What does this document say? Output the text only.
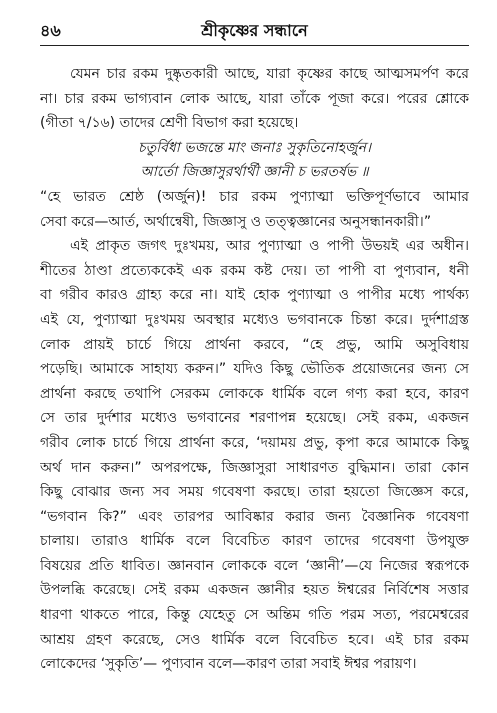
৪৬	শ্রীকৃষ্ণের সন্ধানে
যেমন চার রকম দুষ্কৃতকারী আছে, যারা কৃষ্ণের কাছে আত্মসমর্পণ করে
না। চার রকম ভাগ্যবান লোক আছে, যারা তাঁকে পূজা করে। পরের শ্লোকে
(গীতা ৭/১৬) তাদের শ্রেণী বিভাগ করা হয়েছে।
চতুর্বিধা ভজন্তে মাং জনাঃ সুকৃতিনোহর্জুন।
আর্তো জিজ্ঞাসুরর্থার্থী জ্ঞানী চ ভরতর্ষভ ॥
“হে ভারত শ্রেষ্ঠ (অর্জুন)! চার রকম পুণ্যাত্মা ভক্তিপূর্ণভাবে আমার
সেবা করে—আর্ত, অর্থান্বেষী, জিজ্ঞাসু ও তত্ত্বজ্ঞানের অনুসন্ধানকারী।”
এই প্রাকৃত জগৎ দুঃখময়, আর পুণ্যাত্মা ও পাপী উভয়ই এর অধীন।
শীতের ঠাণ্ডা প্রত্যেককেই এক রকম কষ্ট দেয়। তা পাপী বা পুণ্যবান, ধনী
বা গরীব কারও গ্রাহ্য করে না। যাই হোক পুণ্যাত্মা ও পাপীর মধ্যে পার্থক্য
এই যে, পুণ্যাত্মা দুঃখময় অবস্থার মধ্যেও ভগবানকে চিন্তা করে। দুর্দশাগ্রস্ত
লোক প্রায়ই চার্চে গিয়ে প্রার্থনা করবে, “হে প্রভু, আমি অসুবিধায়
পড়েছি। আমাকে সাহায্য করুন।” যদিও কিছু ভৌতিক প্রয়োজনের জন্য সে
প্রার্থনা করছে তথাপি সেরকম লোককে ধার্মিক বলে গণ্য করা হবে, কারণ
সে তার দুর্দশার মধ্যেও ভগবানের শরণাপন্ন হয়েছে। সেই রকম, একজন
গরীব লোক চার্চে গিয়ে প্রার্থনা করে, ‘দয়াময় প্রভু, কৃপা করে আমাকে কিছু
অর্থ দান করুন।” অপরপক্ষে, জিজ্ঞাসুরা সাধারণত বুদ্ধিমান। তারা কোন
কিছু বোঝার জন্য সব সময় গবেষণা করছে। তারা হয়তো জিজ্ঞেস করে,
“ভগবান কি?” এবং তারপর আবিষ্কার করার জন্য বৈজ্ঞানিক গবেষণা
চালায়। তারাও ধার্মিক বলে বিবেচিত কারণ তাদের গবেষণা উপযুক্ত
বিষয়ের প্রতি ধাবিত। জ্ঞানবান লোককে বলে ‘জ্ঞানী’—যে নিজের স্বরূপকে
উপলব্ধি করেছে। সেই রকম একজন জ্ঞানীর হয়ত ঈশ্বরের নির্বিশেষ সত্তার
ধারণা থাকতে পারে, কিন্তু যেহেতু সে অন্তিম গতি পরম সত্য, পরমেশ্বরের
আশ্রয় গ্রহণ করেছে, সেও ধার্মিক বলে বিবেচিত হবে। এই চার রকম
লোকেদের ‘সুকৃতি’— পুণ্যবান বলে—কারণ তারা সবাই ঈশ্বর পরায়ণ।
